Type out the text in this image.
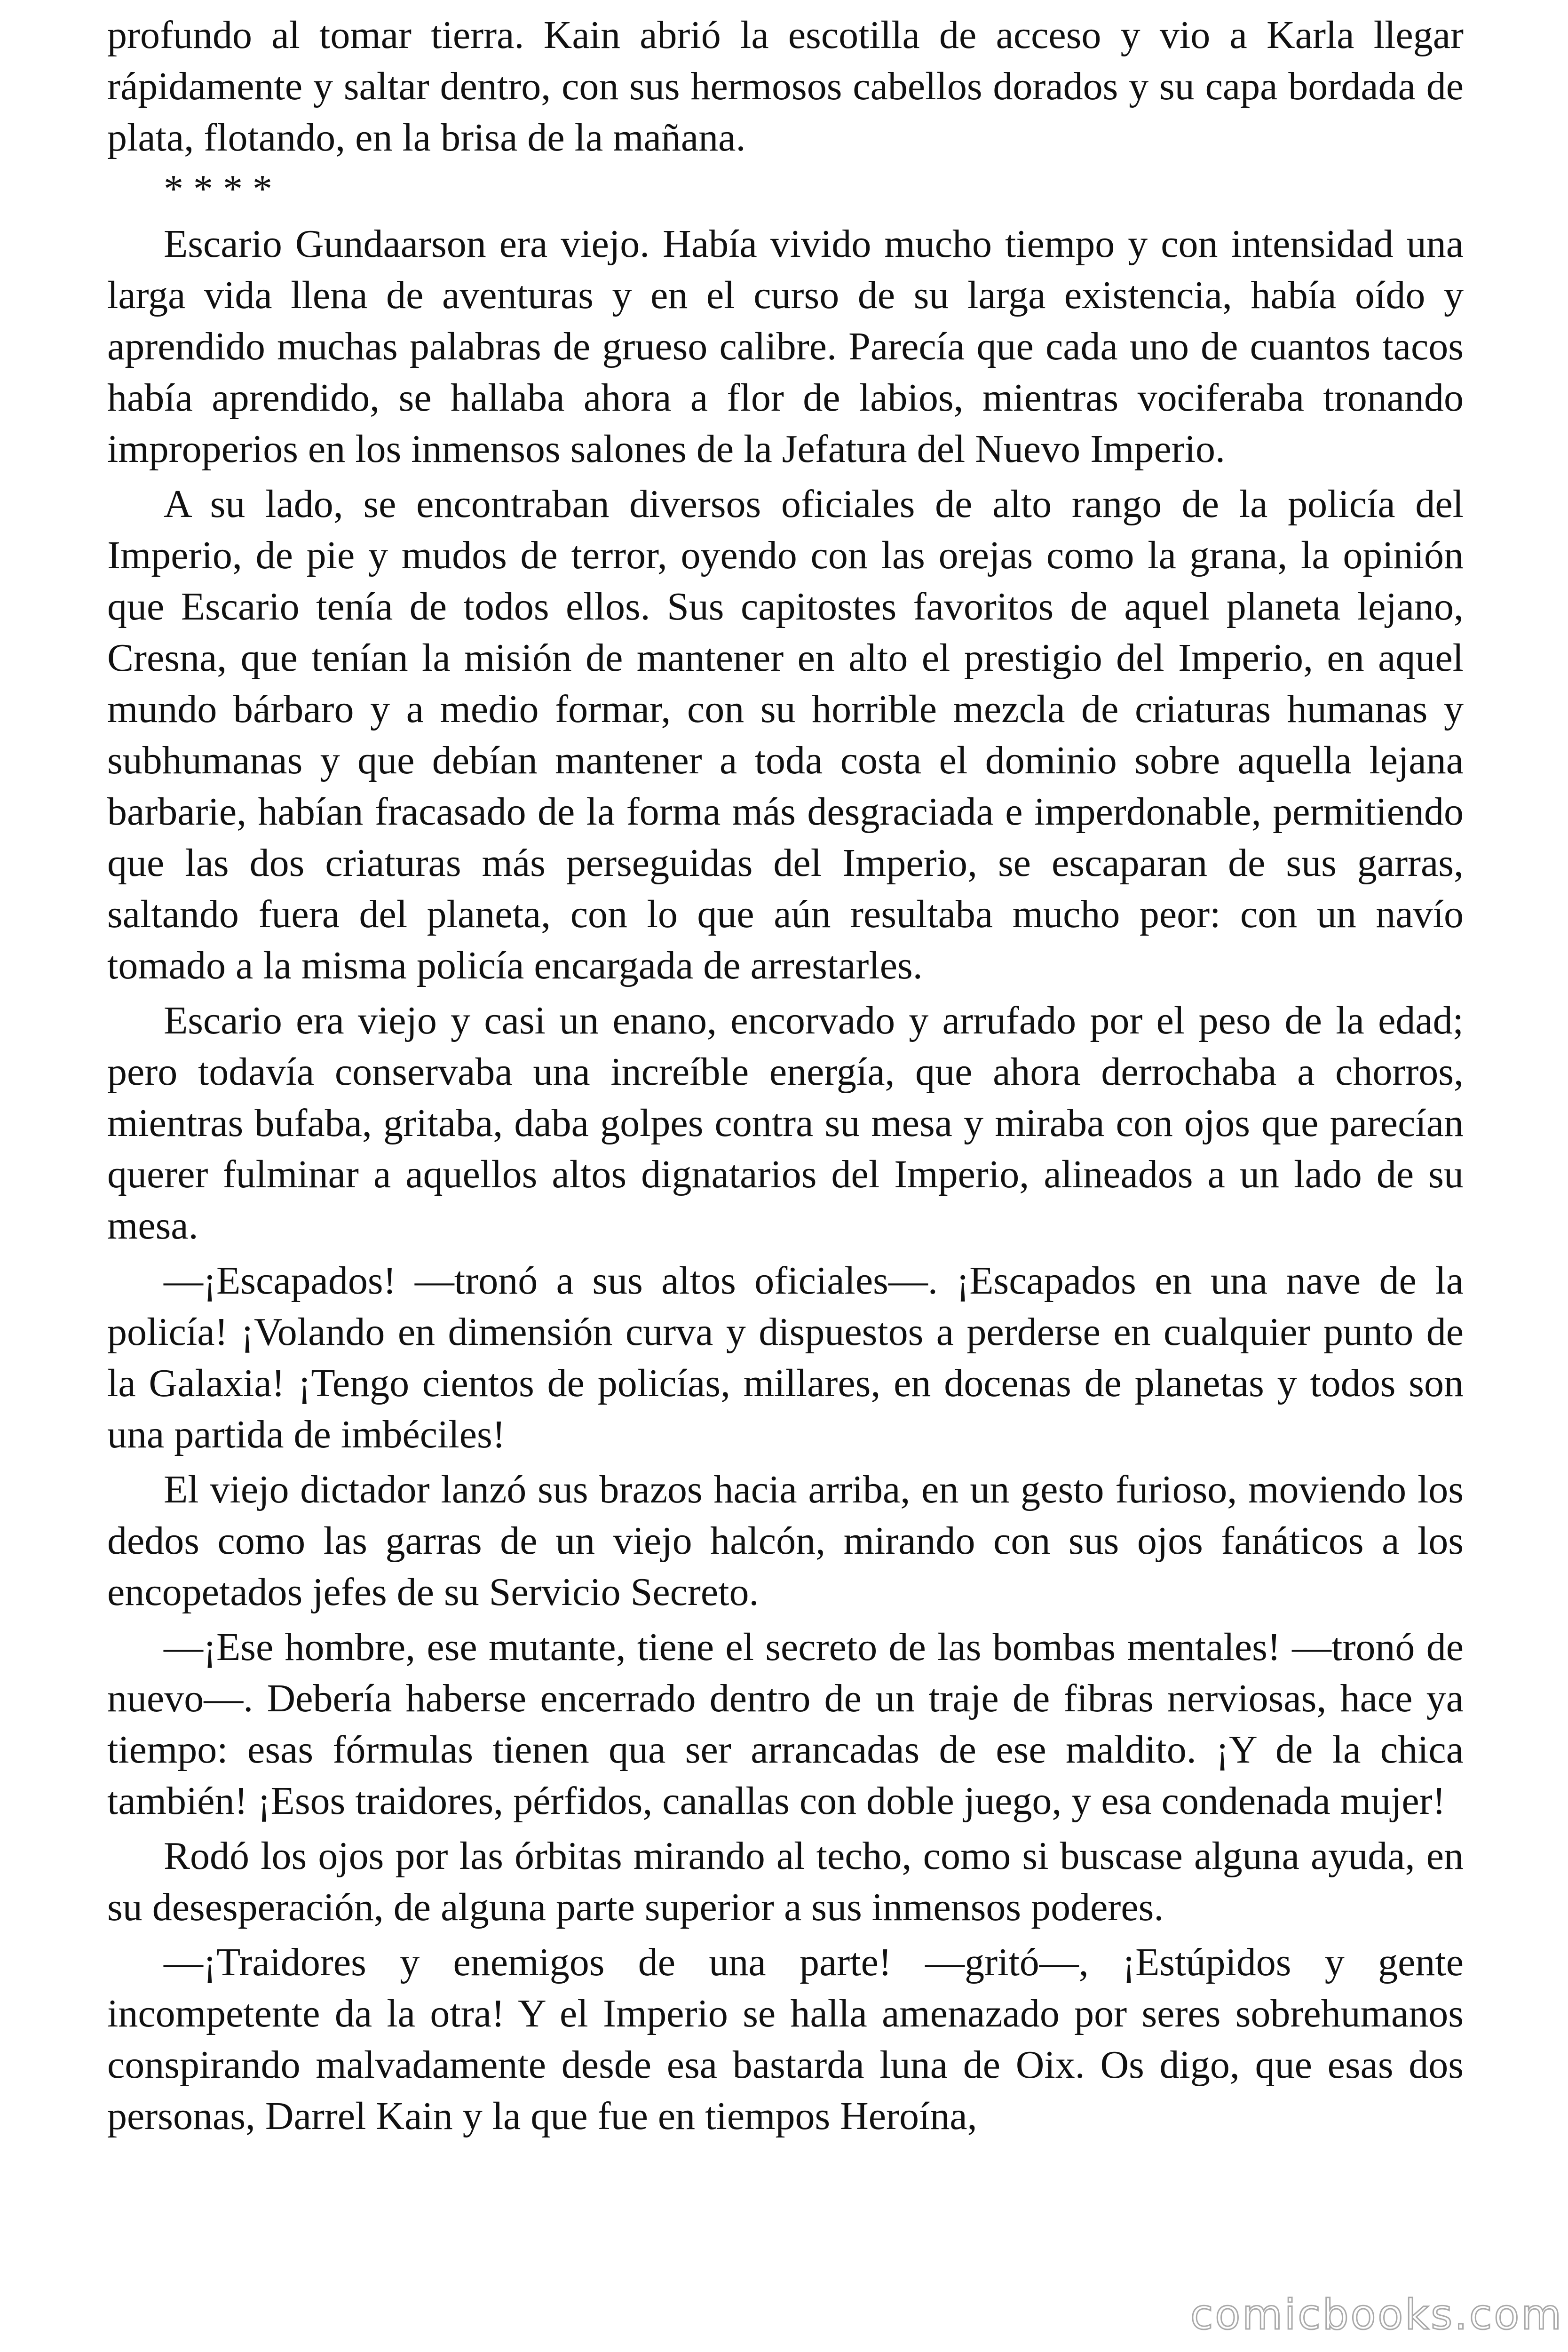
profundo al tomar tierra. Kain abrió la escotilla de acceso y vio a Karla llegar rápidamente y saltar dentro, con sus hermosos cabellos dorados y su capa bordada de plata, flotando, en la brisa de la mañana.

* * * *

Escario Gundaarson era viejo. Había vivido mucho tiempo y con intensidad una larga vida llena de aventuras y en el curso de su larga existencia, había oído y aprendido muchas palabras de grueso calibre. Parecía que cada uno de cuantos tacos había aprendido, se hallaba ahora a flor de labios, mientras vociferaba tronando improperios en los inmensos salones de la Jefatura del Nuevo Imperio.

A su lado, se encontraban diversos oficiales de alto rango de la policía del Imperio, de pie y mudos de terror, oyendo con las orejas como la grana, la opinión que Escario tenía de todos ellos. Sus capitostes favoritos de aquel planeta lejano, Cresna, que tenían la misión de mantener en alto el prestigio del Imperio, en aquel mundo bárbaro y a medio formar, con su horrible mezcla de criaturas humanas y subhumanas y que debían mantener a toda costa el dominio sobre aquella lejana barbarie, habían fracasado de la forma más desgraciada e imperdonable, permitiendo que las dos criaturas más perseguidas del Imperio, se escaparan de sus garras, saltando fuera del planeta, con lo que aún resultaba mucho peor: con un navío tomado a la misma policía encargada de arrestarles.

Escario era viejo y casi un enano, encorvado y arrufado por el peso de la edad; pero todavía conservaba una increíble energía, que ahora derrochaba a chorros, mientras bufaba, gritaba, daba golpes contra su mesa y miraba con ojos que parecían querer fulminar a aquellos altos dignatarios del Imperio, alineados a un lado de su mesa.

—¡Escapados! —tronó a sus altos oficiales—. ¡Escapados en una nave de la policía! ¡Volando en dimensión curva y dispuestos a perderse en cualquier punto de la Galaxia! ¡Tengo cientos de policías, millares, en docenas de planetas y todos son una partida de imbéciles!

El viejo dictador lanzó sus brazos hacia arriba, en un gesto furioso, moviendo los dedos como las garras de un viejo halcón, mirando con sus ojos fanáticos a los encopetados jefes de su Servicio Secreto.

—¡Ese hombre, ese mutante, tiene el secreto de las bombas mentales! —tronó de nuevo—. Debería haberse encerrado dentro de un traje de fibras nerviosas, hace ya tiempo: esas fórmulas tienen qua ser arrancadas de ese maldito. ¡Y de la chica también! ¡Esos traidores, pérfidos, canallas con doble juego, y esa condenada mujer!

Rodó los ojos por las órbitas mirando al techo, como si buscase alguna ayuda, en su desesperación, de alguna parte superior a sus inmensos poderes.

—¡Traidores y enemigos de una parte! —gritó—, ¡Estúpidos y gente incompetente da la otra! Y el Imperio se halla amenazado por seres sobrehumanos conspirando malvadamente desde esa bastarda luna de Oix. Os digo, que esas dos personas, Darrel Kain y la que fue en tiempos Heroína,

comicbooks.com
